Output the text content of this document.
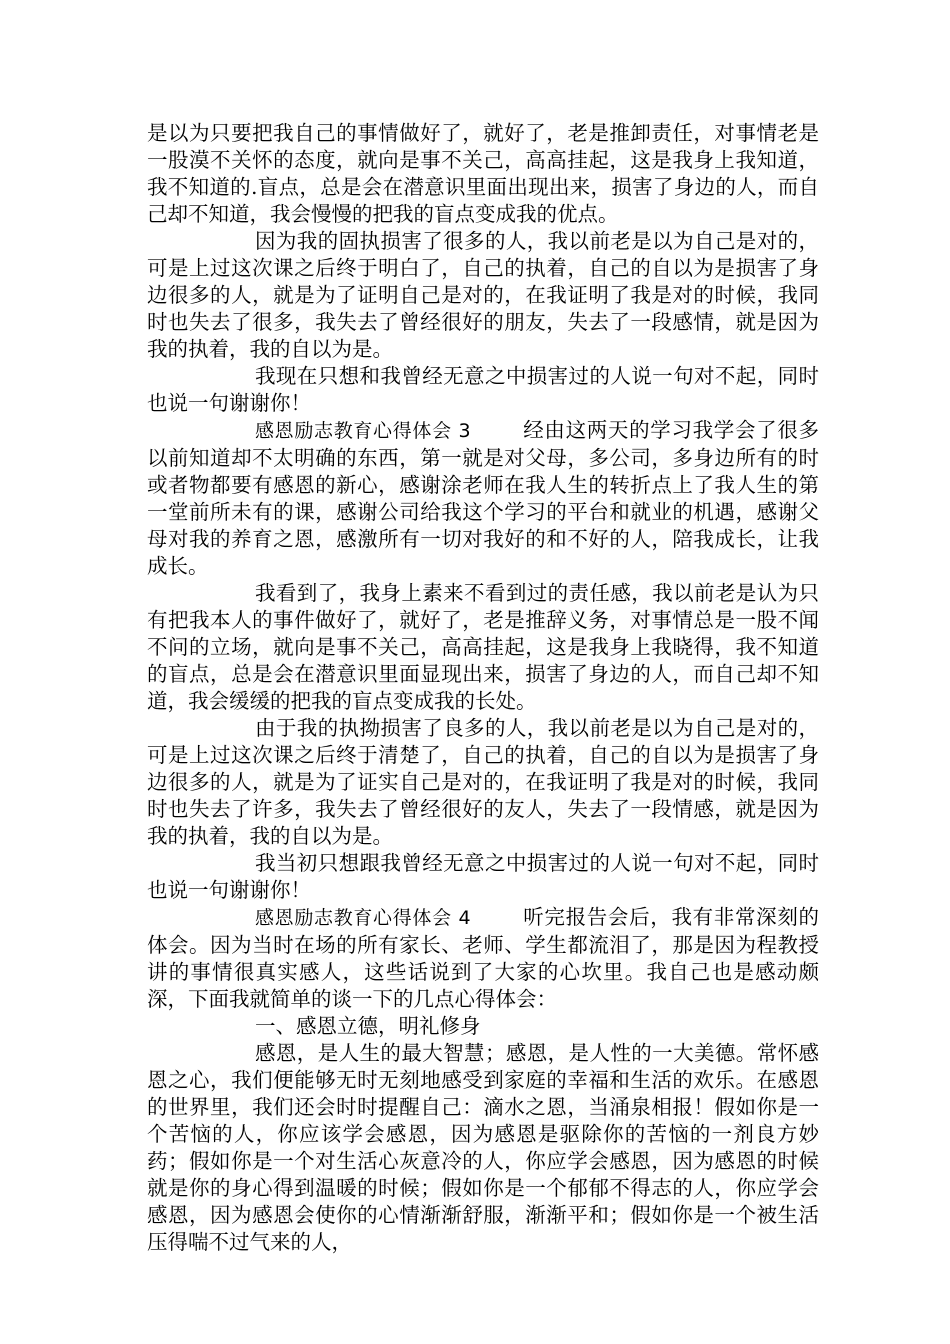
是以为只要把我自己的事情做好了，就好了，老是推卸责任，对事情老是一股漠不关怀的态度，就向是事不关己，高高挂起，这是我身上我知道，我不知道的.盲点，总是会在潜意识里面出现出来，损害了身边的人，而自己却不知道，我会慢慢的把我的盲点变成我的优点。

因为我的固执损害了很多的人，我以前老是以为自己是对的，可是上过这次课之后终于明白了，自己的执着，自己的自以为是损害了身边很多的人，就是为了证明自己是对的，在我证明了我是对的时候，我同时也失去了很多，我失去了曾经很好的朋友，失去了一段感情，就是因为我的执着，我的自以为是。

我现在只想和我曾经无意之中损害过的人说一句对不起，同时也说一句谢谢你！

感恩励志教育心得体会 3	经由这两天的学习我学会了很多以前知道却不太明确的东西，第一就是对父母，多公司，多身边所有的时或者物都要有感恩的新心，感谢涂老师在我人生的转折点上了我人生的第一堂前所未有的课，感谢公司给我这个学习的平台和就业的机遇，感谢父母对我的养育之恩，感激所有一切对我好的和不好的人，陪我成长，让我成长。

我看到了，我身上素来不看到过的责任感，我以前老是认为只有把我本人的事件做好了，就好了，老是推辞义务，对事情总是一股不闻不问的立场，就向是事不关己，高高挂起，这是我身上我晓得，我不知道的盲点，总是会在潜意识里面显现出来，损害了身边的人，而自己却不知道，我会缓缓的把我的盲点变成我的长处。

由于我的执拗损害了良多的人，我以前老是以为自己是对的，可是上过这次课之后终于清楚了，自己的执着，自己的自以为是损害了身边很多的人，就是为了证实自己是对的，在我证明了我是对的时候，我同时也失去了许多，我失去了曾经很好的友人，失去了一段情感，就是因为我的执着，我的自以为是。

我当初只想跟我曾经无意之中损害过的人说一句对不起，同时也说一句谢谢你！

感恩励志教育心得体会 4	听完报告会后，我有非常深刻的体会。因为当时在场的所有家长、老师、学生都流泪了，那是因为程教授讲的事情很真实感人，这些话说到了大家的心坎里。我自己也是感动颇深，下面我就简单的谈一下的几点心得体会：

一、感恩立德，明礼修身

感恩，是人生的最大智慧；感恩，是人性的一大美德。常怀感恩之心，我们便能够无时无刻地感受到家庭的幸福和生活的欢乐。在感恩的世界里，我们还会时时提醒自己：滴水之恩，当涌泉相报！假如你是一个苦恼的人，你应该学会感恩，因为感恩是驱除你的苦恼的一剂良方妙药；假如你是一个对生活心灰意冷的人，你应学会感恩，因为感恩的时候就是你的身心得到温暖的时候；假如你是一个郁郁不得志的人，你应学会感恩，因为感恩会使你的心情渐渐舒服，渐渐平和；假如你是一个被生活压得喘不过气来的人，
